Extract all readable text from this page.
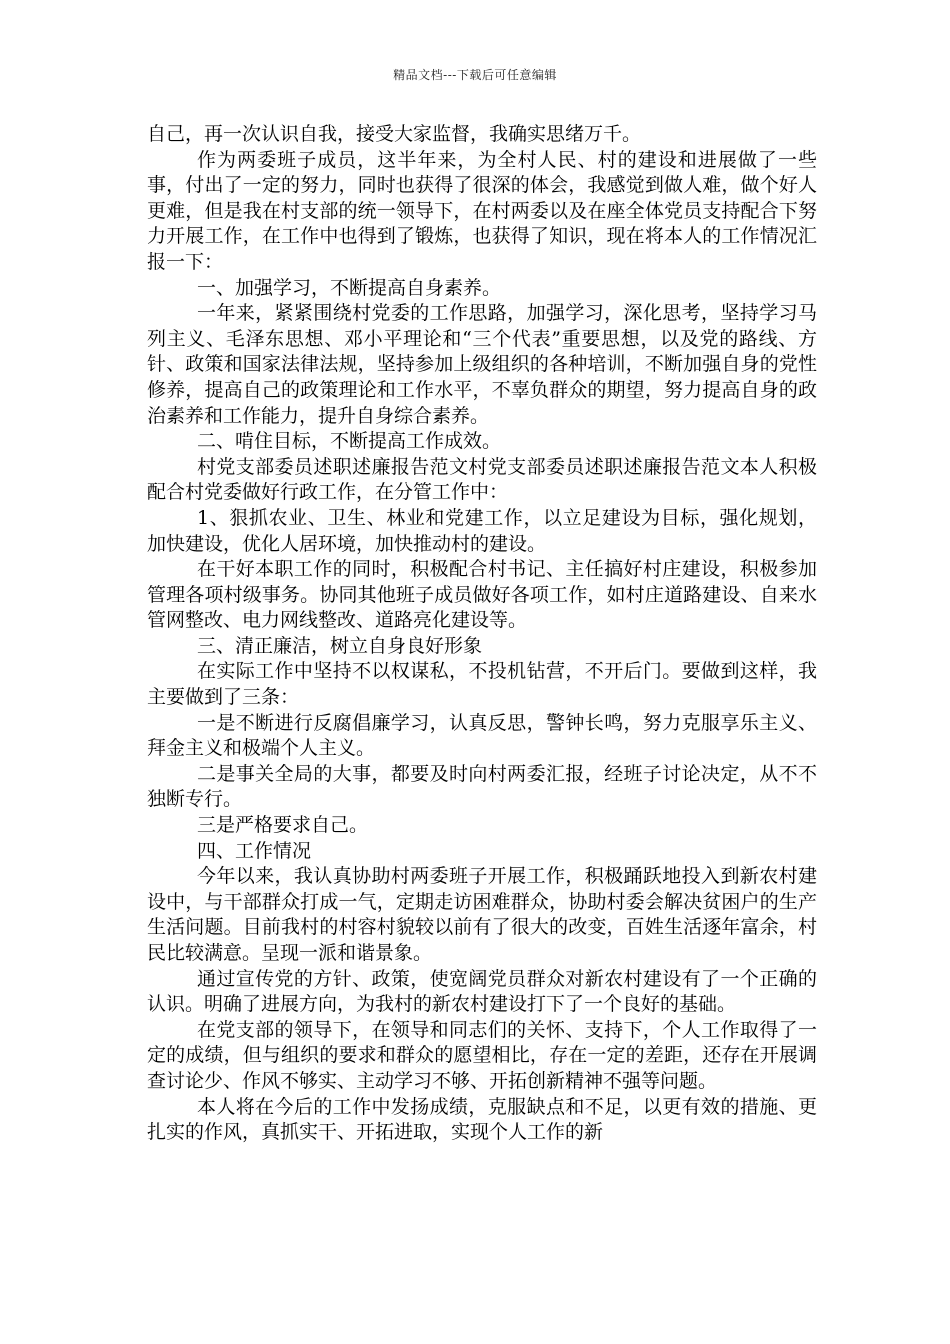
精品文档---下载后可任意编辑

自己，再一次认识自我，接受大家监督，我确实思绪万千。

作为两委班子成员，这半年来，为全村人民、村的建设和进展做了一些事，付出了一定的努力，同时也获得了很深的体会，我感觉到做人难，做个好人更难，但是我在村支部的统一领导下，在村两委以及在座全体党员支持配合下努力开展工作，在工作中也得到了锻炼，也获得了知识，现在将本人的工作情况汇报一下：

一、加强学习，不断提高自身素养。

一年来，紧紧围绕村党委的工作思路，加强学习，深化思考，坚持学习马列主义、毛泽东思想、邓小平理论和“三个代表”重要思想，以及党的路线、方针、政策和国家法律法规，坚持参加上级组织的各种培训，不断加强自身的党性修养，提高自己的政策理论和工作水平，不辜负群众的期望，努力提高自身的政治素养和工作能力，提升自身综合素养。

二、啃住目标，不断提高工作成效。

村党支部委员述职述廉报告范文村党支部委员述职述廉报告范文本人积极配合村党委做好行政工作，在分管工作中：

1、狠抓农业、卫生、林业和党建工作，以立足建设为目标，强化规划，加快建设，优化人居环境，加快推动村的建设。

在干好本职工作的同时，积极配合村书记、主任搞好村庄建设，积极参加管理各项村级事务。协同其他班子成员做好各项工作，如村庄道路建设、自来水管网整改、电力网线整改、道路亮化建设等。

三、清正廉洁，树立自身良好形象

在实际工作中坚持不以权谋私，不投机钻营，不开后门。要做到这样，我主要做到了三条：

一是不断进行反腐倡廉学习，认真反思，警钟长鸣，努力克服享乐主义、拜金主义和极端个人主义。

二是事关全局的大事，都要及时向村两委汇报，经班子讨论决定，从不不独断专行。

三是严格要求自己。

四、工作情况

今年以来，我认真协助村两委班子开展工作，积极踊跃地投入到新农村建设中，与干部群众打成一气，定期走访困难群众，协助村委会解决贫困户的生产生活问题。目前我村的村容村貌较以前有了很大的改变，百姓生活逐年富余，村民比较满意。呈现一派和谐景象。

通过宣传党的方针、政策，使宽阔党员群众对新农村建设有了一个正确的认识。明确了进展方向，为我村的新农村建设打下了一个良好的基础。

在党支部的领导下，在领导和同志们的关怀、支持下，个人工作取得了一定的成绩，但与组织的要求和群众的愿望相比，存在一定的差距，还存在开展调查讨论少、作风不够实、主动学习不够、开拓创新精神不强等问题。

本人将在今后的工作中发扬成绩，克服缺点和不足，以更有效的措施、更扎实的作风，真抓实干、开拓进取，实现个人工作的新
